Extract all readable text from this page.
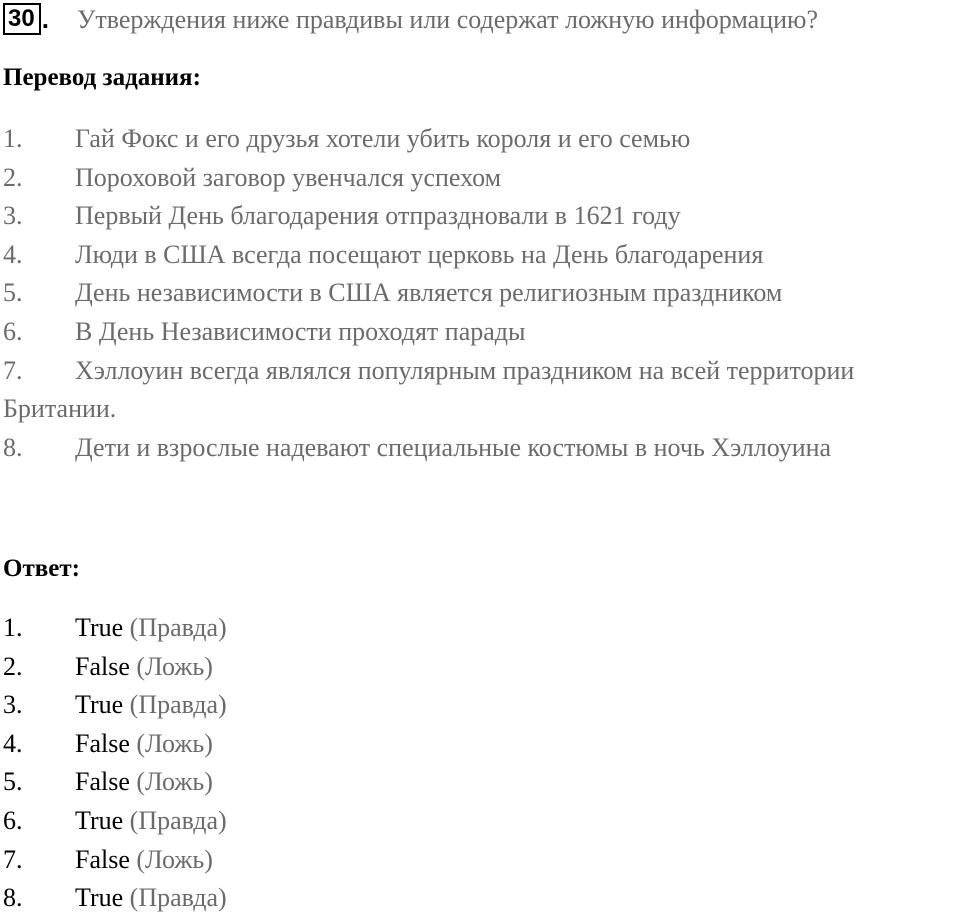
30 . Утверждения ниже правдивы или содержат ложную информацию?
Перевод задания:
1. Гай Фокс и его друзья хотели убить короля и его семью
2. Пороховой заговор увенчался успехом
3. Первый День благодарения отпраздновали в 1621 году
4. Люди в США всегда посещают церковь на День благодарения
5. День независимости в США является религиозным праздником
6. В День Независимости проходят парады
7. Хэллоуин всегда являлся популярным праздником на всей территории
Британии.
8. Дети и взрослые надевают специальные костюмы в ночь Хэллоуина
Ответ:
1. True (Правда)
2. False (Ложь)
3. True (Правда)
4. False (Ложь)
5. False (Ложь)
6. True (Правда)
7. False (Ложь)
8. True (Правда)
